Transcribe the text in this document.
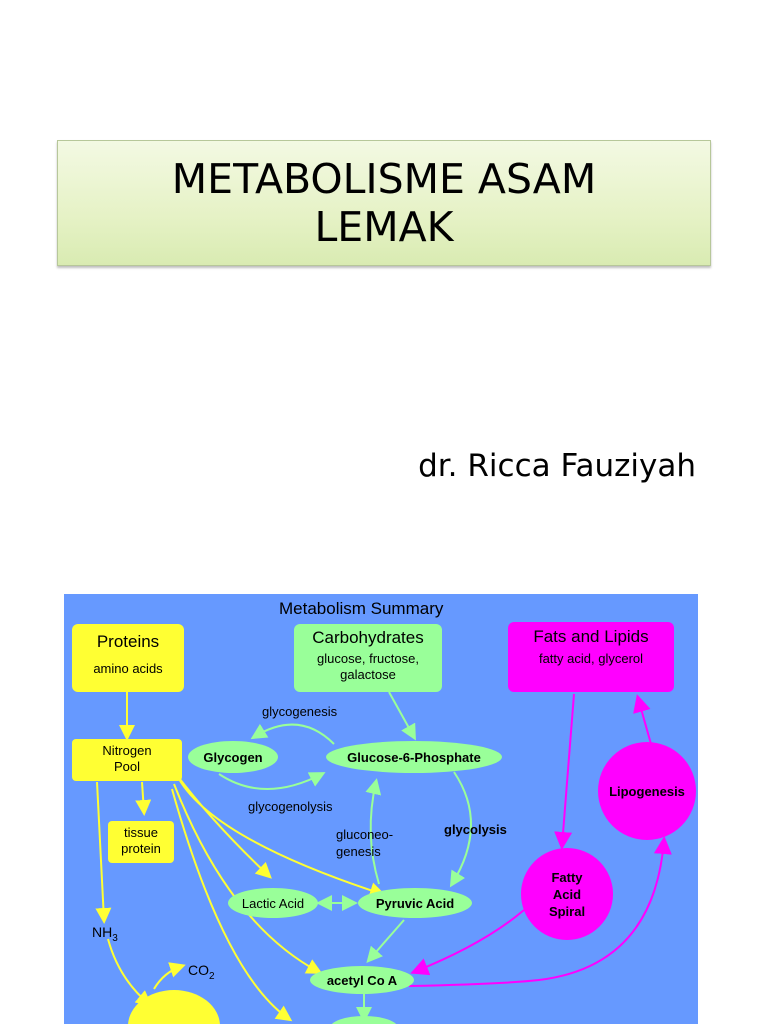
METABOLISME ASAM LEMAK
dr. Ricca Fauziyah
Metabolism Summary
Proteins
amino acids
Carbohydrates
glucose, fructose, galactose
Fats and Lipids
fatty acid, glycerol
Nitrogen Pool
tissue protein
Glycogen	Glucose-6-Phosphate
glycogenesis
glycogenolysis
gluconeo-genesis
glycolysis
Lactic Acid	Pyruvic Acid
acetyl Co A
Lipogenesis
Fatty Acid Spiral
$NH_3$
$CO_2$
